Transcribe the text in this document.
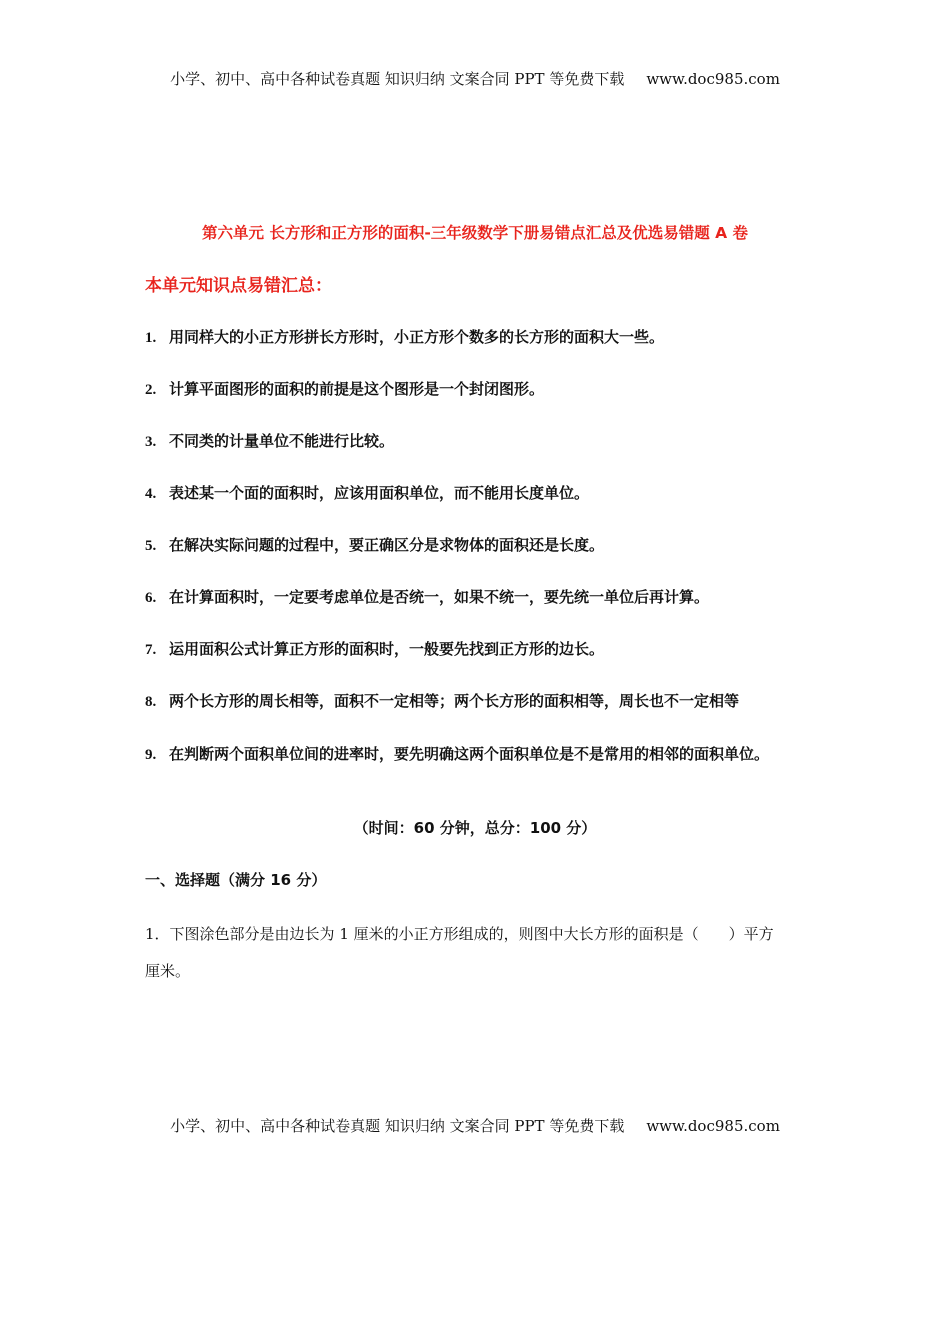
小学、初中、高中各种试卷真题 知识归纳 文案合同 PPT 等免费下载 www.doc985.com
第六单元 长方形和正方形的面积-三年级数学下册易错点汇总及优选易错题 A 卷
本单元知识点易错汇总：
1. 用同样大的小正方形拼长方形时，小正方形个数多的长方形的面积大一些。
2. 计算平面图形的面积的前提是这个图形是一个封闭图形。
3. 不同类的计量单位不能进行比较。
4. 表述某一个面的面积时，应该用面积单位，而不能用长度单位。
5. 在解决实际问题的过程中，要正确区分是求物体的面积还是长度。
6. 在计算面积时，一定要考虑单位是否统一，如果不统一，要先统一单位后再计算。
7. 运用面积公式计算正方形的面积时，一般要先找到正方形的边长。
8. 两个长方形的周长相等，面积不一定相等；两个长方形的面积相等，周长也不一定相等
9. 在判断两个面积单位间的进率时，要先明确这两个面积单位是不是常用的相邻的面积单位。
（时间：60 分钟，总分：100 分）
一、选择题（满分 16 分）
1．下图涂色部分是由边长为 1 厘米的小正方形组成的，则图中大长方形的面积是（　　）平方厘米。
小学、初中、高中各种试卷真题 知识归纳 文案合同 PPT 等免费下载 www.doc985.com
